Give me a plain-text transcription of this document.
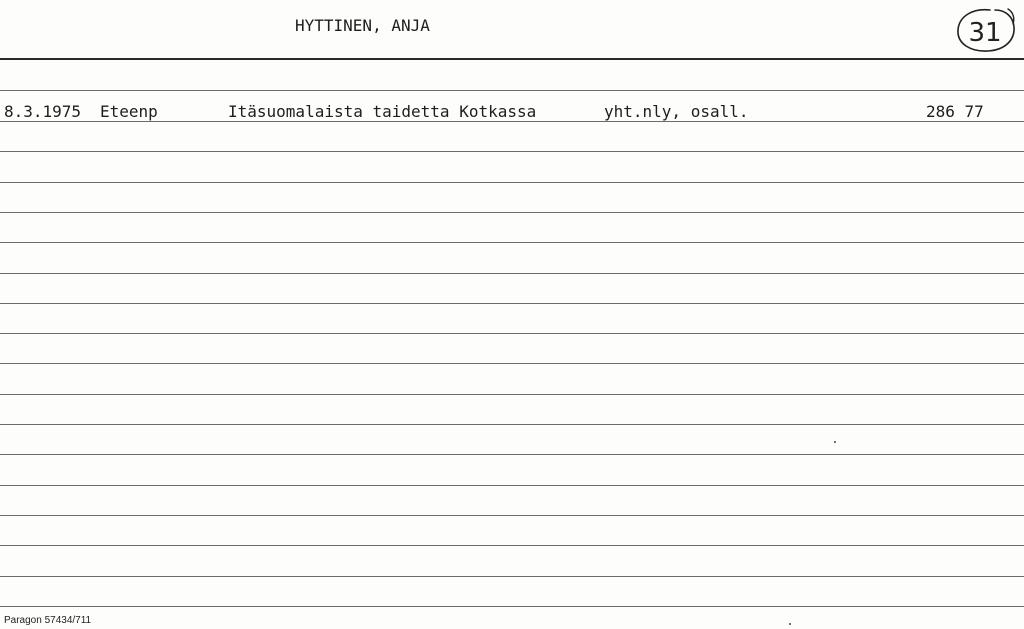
HYTTINEN, ANJA	31
8.3.1975 Eteenp	Itäsuomalaista taidetta Kotkassa	yht.nly, osall.	286 77
Paragon 57434/711
